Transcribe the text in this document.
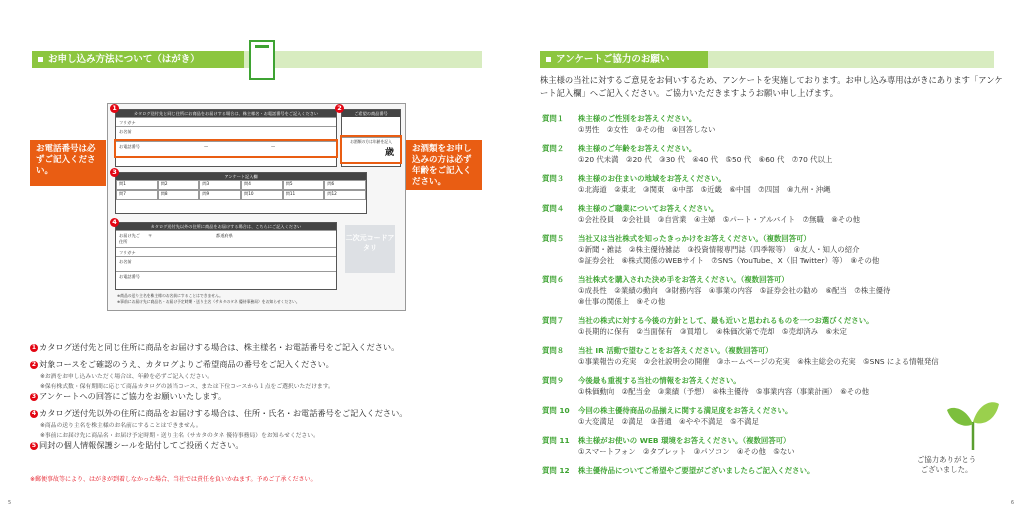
お申し込み方法について（はがき）
カタログ送付先と同じ住所にお商品をお届けする場合は、株主様名・お電話番号をご記入ください
フリガナ
お名前
お電話番号	—	—
1
ご希望の商品番号
お酒類の方は年齢を記入
歳
2
アンケート記入欄
問1	問2	問3	問4	問5	問6
問7	問8	問9	問10	問11	問12
3
カタログ送付先以外の住所に商品をお届けする場合は、こちらにご記入ください
お届け先ご住所
〒	都道府県
フリガナ
お名前
お電話番号
4
※商品の送り主名を株主様のお名前にすることはできません。
※事前にお届け先に商品名・お届け予定時期・送り主名（サカタのタネ 優待事務局）をお知らせください。
二次元コードアタリ
お電話番号は必ずご記入ください。
お酒類をお申し込みの方は必ず年齢をご記入ください。
1 カタログ送付先と同じ住所に商品をお届けする場合は、株主様名・お電話番号をご記入ください。
2 対象コースをご確認のうえ、カタログよりご希望商品の番号をご記入ください。
※お酒をお申し込みいただく場合は、年齢を必ずご記入ください。
※保有株式数・保有期間に応じて商品カタログの該当コース、または下位コースから１点をご選択いただけます。
3 アンケートへの回答にご協力をお願いいたします。
4 カタログ送付先以外の住所に商品をお届けする場合は、住所・氏名・お電話番号をご記入ください。
※商品の送り主名を株主様のお名前にすることはできません。
※事前にお届け先に商品名・お届け予定時期・送り主名（サカタのタネ 優待事務局）をお知らせください。
5 同封の個人情報保護シールを貼付してご投函ください。
※郵便事故等により、はがきが到着しなかった場合、当社では責任を負いかねます。予めご了承ください。
5
アンケートご協力のお願い
株主様の当社に対するご意見をお伺いするため、アンケートを実施しております。お申し込み専用はがきにあります「アンケート記入欄」へご記入ください。ご協力いただきますようお願い申し上げます。
質問１ 株主様のご性別をお答えください。
①男性　②女性　③その他　④回答しない
質問２ 株主様のご年齢をお答えください。
①20 代未満　②20 代　③30 代　④40 代　⑤50 代　⑥60 代　⑦70 代以上
質問３ 株主様のお住まいの地域をお答えください。
①北海道　②東北　③関東　④中部　⑤近畿　⑥中国　⑦四国　⑧九州・沖縄
質問４ 株主様のご職業についてお答えください。
①会社役員　②会社員　③自営業　④主婦　⑤パート・アルバイト　⑦無職　⑧その他
質問５ 当社又は当社株式を知ったきっかけをお答えください。（複数回答可）
①新聞・雑誌　②株主優待雑誌　③投資情報専門誌（四季報等）　④友人・知人の紹介
⑤証券会社　⑥株式関係のWEBサイト　⑦SNS（YouTube、X（旧 Twitter）等）　⑧その他
質問６ 当社株式を購入された決め手をお答えください。（複数回答可）
①成長性　②業績の動向　③財務内容　④事業の内容　⑤証券会社の勧め　⑥配当　⑦株主優待
⑧仕事の関係上　⑨その他
質問７ 当社の株式に対する今後の方針として、最も近いと思われるものを一つお選びください。
①長期的に保有　②当面保有　③買増し　④株価次第で売却　⑤売却済み　⑥未定
質問８ 当社 IR 活動で望むことをお答えください。（複数回答可）
①事業報告の充実　②会社説明会の開催　③ホームページの充実　④株主総会の充実　⑤SNS による情報発信
質問９ 今後最も重視する当社の情報をお答えください。
①株価動向　②配当金　③業績（予想）　④株主優待　⑤事業内容（事業計画）　⑥その他
質問 10 今回の株主優待商品の品揃えに関する満足度をお答えください。
①大変満足　②満足　③普通　④やや不満足　⑤不満足
質問 11 株主様がお使いの WEB 環境をお答えください。（複数回答可）
①スマートフォン　②タブレット　③パソコン　④その他　⑤ない
質問 12 株主優待品についてご希望やご要望がございましたらご記入ください。
ご協力ありがとう
ございました。
6
